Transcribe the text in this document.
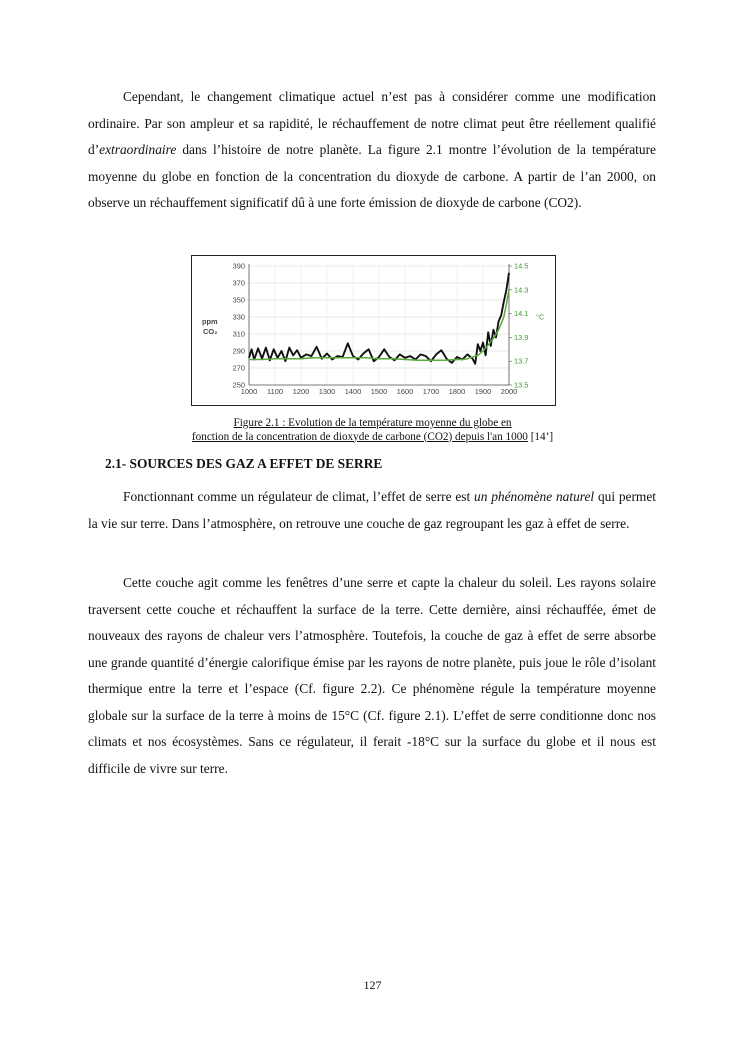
Cependant, le changement climatique actuel n’est pas à considérer comme une modification ordinaire. Par son ampleur et sa rapidité, le réchauffement de notre climat peut être réellement qualifié d’extraordinaire dans l’histoire de notre planète. La figure 2.1 montre l’évolution de la température moyenne du globe en fonction de la concentration du dioxyde de carbone. A partir de l’an 2000, on observe un réchauffement significatif dû à une forte émission de dioxyde de carbone (CO2).

390
370
350
330
310
290
270
250
1000 1100 1200 1300 1400 1500 1600 1700 1800 1900 2000
14.5
14.3
14.1
13.9
13.7
13.5
ppm
CO₂
°C
Figure 2.1 : Evolution de la température moyenne du globe en
fonction de la concentration de dioxyde de carbone (CO2) depuis l'an 1000 [14’]
2.1- SOURCES DES GAZ A EFFET DE SERRE

Fonctionnant comme un régulateur de climat, l’effet de serre est un phénomène naturel qui permet la vie sur terre. Dans l’atmosphère, on retrouve une couche de gaz regroupant les gaz à effet de serre.

Cette couche agit comme les fenêtres d’une serre et capte la chaleur du soleil. Les rayons solaire traversent cette couche et réchauffent la surface de la terre. Cette dernière, ainsi réchauffée, émet de nouveaux des rayons de chaleur vers l’atmosphère. Toutefois, la couche de gaz à effet de serre absorbe une grande quantité d’énergie calorifique émise par les rayons de notre planète, puis joue le rôle d’isolant thermique entre la terre et l’espace (Cf. figure 2.2). Ce phénomène régule la température moyenne globale sur la surface de la terre à moins de 15°C (Cf. figure 2.1). L’effet de serre conditionne donc nos climats et nos écosystèmes. Sans ce régulateur, il ferait -18°C sur la surface du globe et il nous est difficile de vivre sur terre.

127
